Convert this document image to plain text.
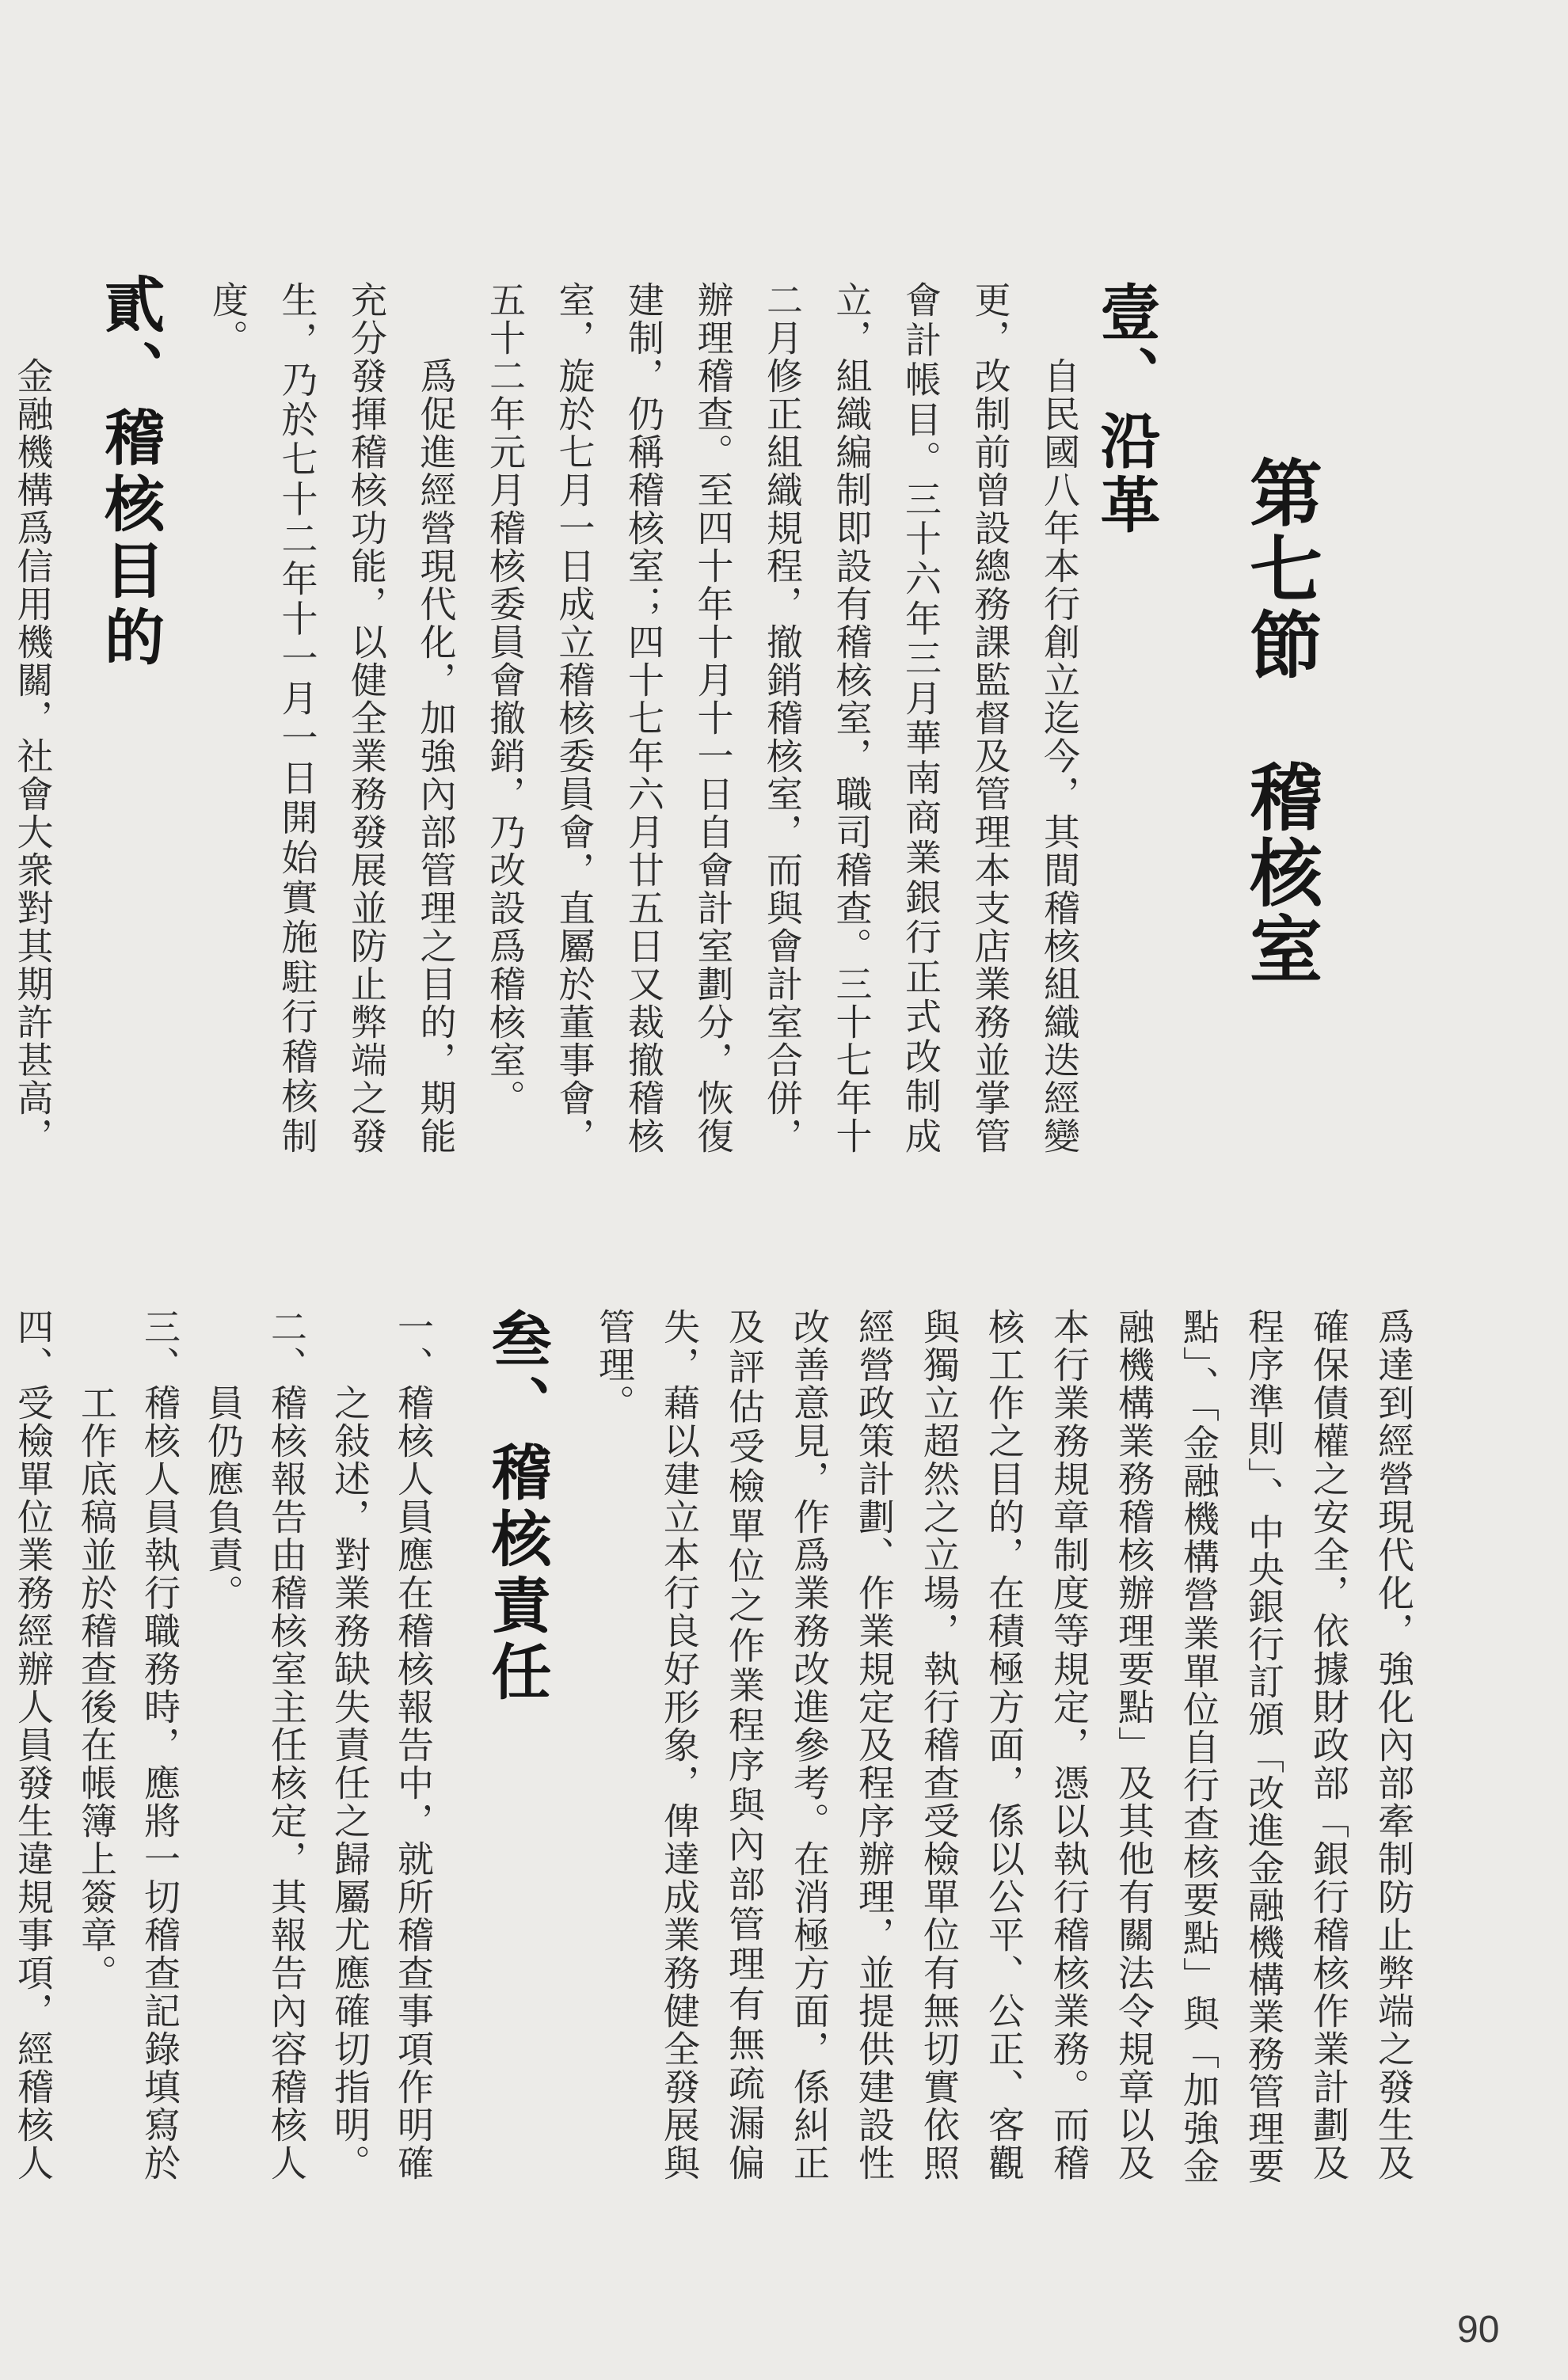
第七節　稽核室
壹、沿革
自民國八年本行創立迄今，其間稽核組織迭經變
更，改制前曾設總務課監督及管理本支店業務並掌管
會計帳目。三十六年三月華南商業銀行正式改制成
立，組織編制即設有稽核室，職司稽查。三十七年十
二月修正組織規程，撤銷稽核室，而與會計室合併，
辦理稽查。至四十年十月十一日自會計室劃分，恢復
建制，仍稱稽核室；四十七年六月廿五日又裁撤稽核
室，旋於七月一日成立稽核委員會，直屬於董事會，
五十二年元月稽核委員會撤銷，乃改設爲稽核室。
爲促進經營現代化，加強內部管理之目的，期能
充分發揮稽核功能，以健全業務發展並防止弊端之發
生，乃於七十二年十一月一日開始實施駐行稽核制
度。
貳、稽核目的
金融機構爲信用機關，社會大衆對其期許甚高，
爲達到經營現代化，強化內部牽制防止弊端之發生及
確保債權之安全，依據財政部「銀行稽核作業計劃及
程序準則」、中央銀行訂頒「改進金融機構業務管理要
點」、「金融機構營業單位自行查核要點」與「加強金
融機構業務稽核辦理要點」及其他有關法令規章以及
本行業務規章制度等規定，憑以執行稽核業務。而稽
核工作之目的，在積極方面，係以公平、公正、客觀
與獨立超然之立場，執行稽查受檢單位有無切實依照
經營政策計劃、作業規定及程序辦理，並提供建設性
改善意見，作爲業務改進參考。在消極方面，係糾正
及評估受檢單位之作業程序與內部管理有無疏漏偏
失，藉以建立本行良好形象，俾達成業務健全發展與
管理。
叁、稽核責任
一、稽核人員應在稽核報告中，就所稽查事項作明確
之敍述，對業務缺失責任之歸屬尤應確切指明。
二、稽核報告由稽核室主任核定，其報告內容稽核人
員仍應負責。
三、稽核人員執行職務時，應將一切稽查記錄填寫於
工作底稿並於稽查後在帳簿上簽章。
四、受檢單位業務經辦人員發生違規事項，經稽核人
90
